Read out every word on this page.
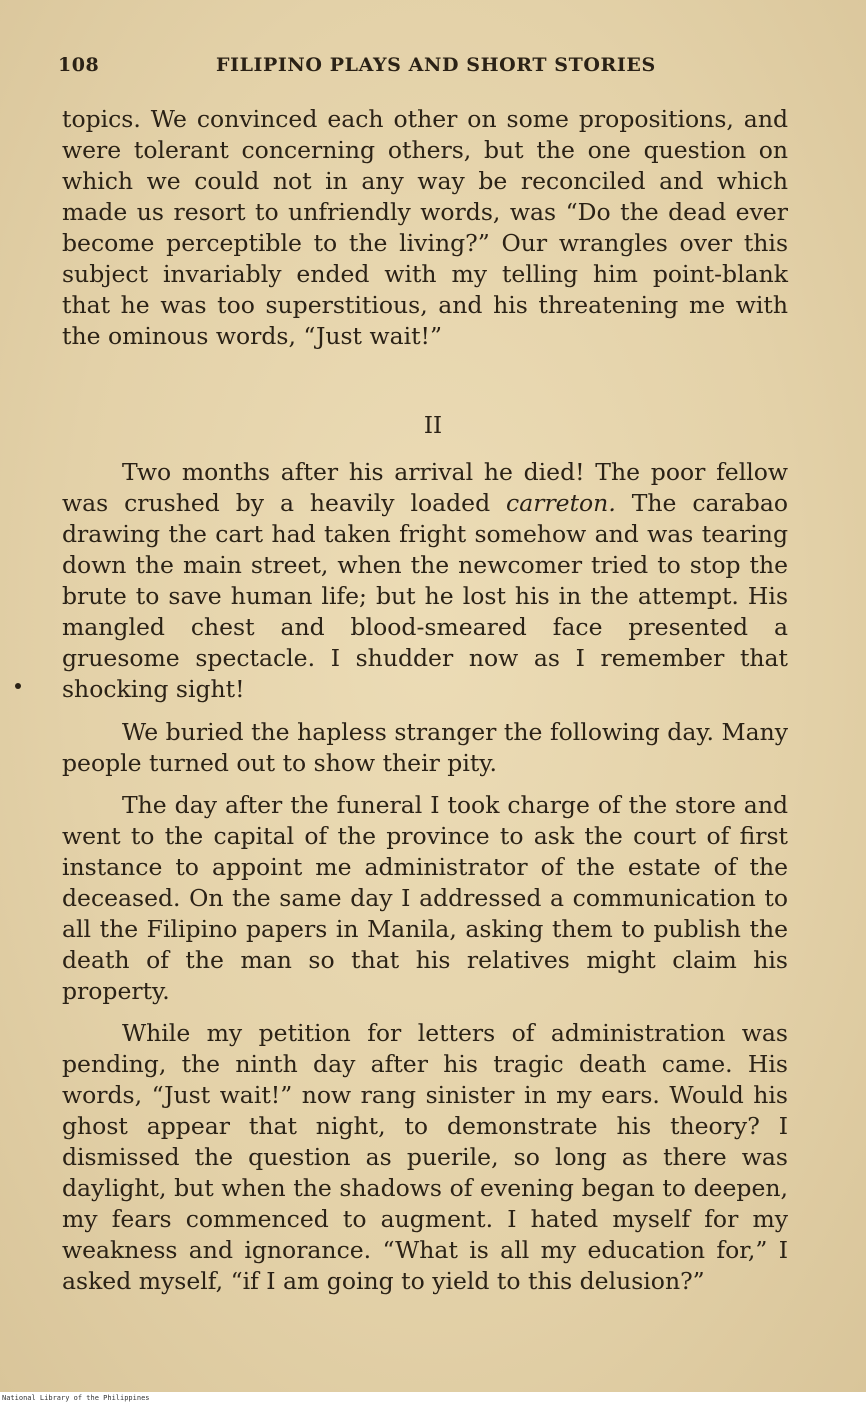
108	FILIPINO PLAYS AND SHORT STORIES

topics. We convinced each other on some propositions, and were tolerant concerning others, but the one question on which we could not in any way be reconciled and which made us resort to unfriendly words, was “Do the dead ever become perceptible to the living?” Our wrangles over this subject invariably ended with my telling him point-blank that he was too superstitious, and his threatening me with the ominous words, “Just wait!”

II

Two months after his arrival he died! The poor fellow was crushed by a heavily loaded carreton. The carabao drawing the cart had taken fright somehow and was tearing down the main street, when the newcomer tried to stop the brute to save human life; but he lost his in the attempt. His mangled chest and blood-smeared face presented a gruesome spectacle. I shudder now as I remember that shocking sight!

We buried the hapless stranger the following day. Many people turned out to show their pity.

The day after the funeral I took charge of the store and went to the capital of the province to ask the court of first instance to appoint me administrator of the estate of the deceased. On the same day I addressed a communication to all the Filipino papers in Manila, asking them to publish the death of the man so that his relatives might claim his property.

While my petition for letters of administration was pending, the ninth day after his tragic death came. His words, “Just wait!” now rang sinister in my ears. Would his ghost appear that night, to demonstrate his theory? I dismissed the question as puerile, so long as there was daylight, but when the shadows of evening began to deepen, my fears commenced to augment. I hated myself for my weakness and ignorance. “What is all my education for,” I asked myself, “if I am going to yield to this delusion?”

National Library of the Philippines
